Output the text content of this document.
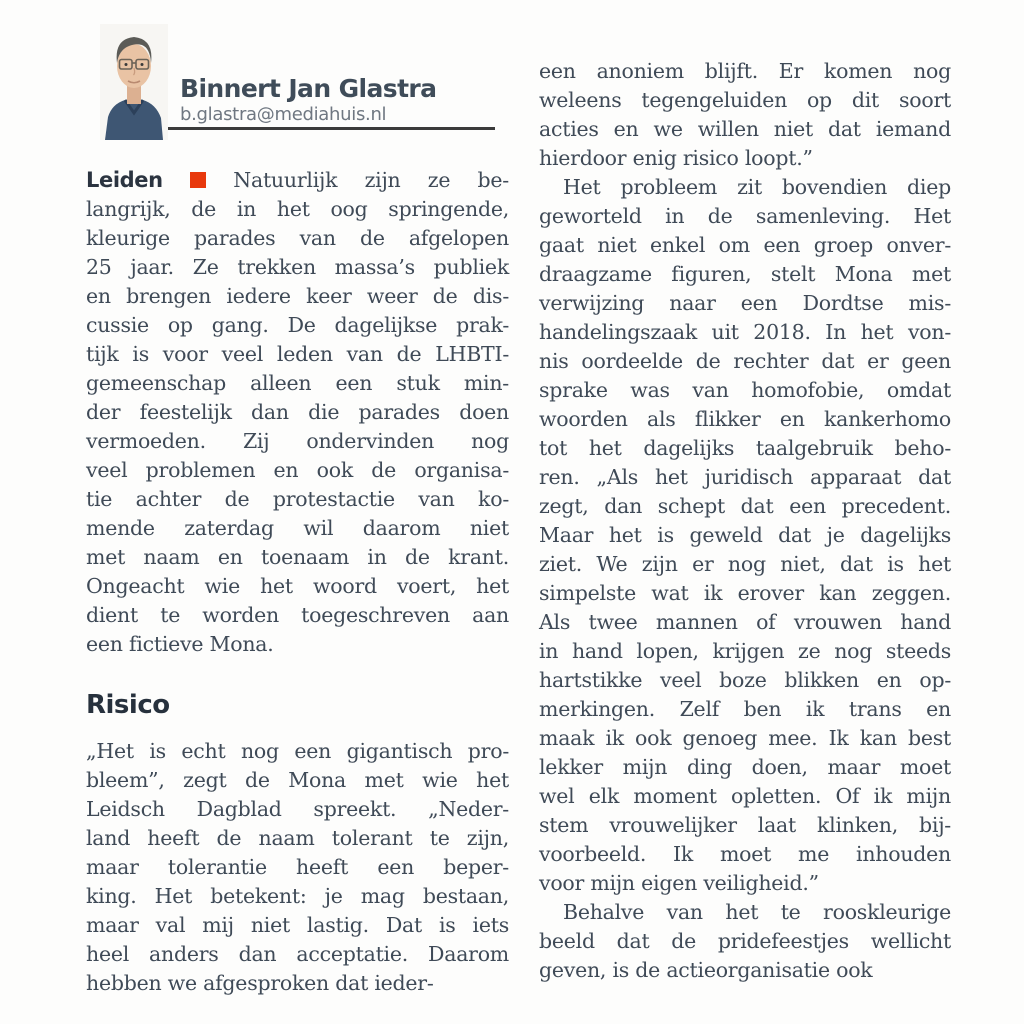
Binnert Jan Glastra
b.glastra@mediahuis.nl
Leiden	Natuurlijk zijn ze be-
langrijk, de in het oog springende,
kleurige parades van de afgelopen
25 jaar. Ze trekken massa’s publiek
en brengen iedere keer weer de dis-
cussie op gang. De dagelijkse prak-
tijk is voor veel leden van de LHBTI-
gemeenschap alleen een stuk min-
der feestelijk dan die parades doen
vermoeden. Zij ondervinden nog
veel problemen en ook de organisa-
tie achter de protestactie van ko-
mende zaterdag wil daarom niet
met naam en toenaam in de krant.
Ongeacht wie het woord voert, het
dient te worden toegeschreven aan
een fictieve Mona.
Risico
„Het is echt nog een gigantisch pro-
bleem”, zegt de Mona met wie het
Leidsch Dagblad spreekt. „Neder-
land heeft de naam tolerant te zijn,
maar tolerantie heeft een beper-
king. Het betekent: je mag bestaan,
maar val mij niet lastig. Dat is iets
heel anders dan acceptatie. Daarom
hebben we afgesproken dat ieder-
een anoniem blijft. Er komen nog
weleens tegengeluiden op dit soort
acties en we willen niet dat iemand
hierdoor enig risico loopt.”
Het probleem zit bovendien diep
geworteld in de samenleving. Het
gaat niet enkel om een groep onver-
draagzame figuren, stelt Mona met
verwijzing naar een Dordtse mis-
handelingszaak uit 2018. In het von-
nis oordeelde de rechter dat er geen
sprake was van homofobie, omdat
woorden als flikker en kankerhomo
tot het dagelijks taalgebruik beho-
ren. „Als het juridisch apparaat dat
zegt, dan schept dat een precedent.
Maar het is geweld dat je dagelijks
ziet. We zijn er nog niet, dat is het
simpelste wat ik erover kan zeggen.
Als twee mannen of vrouwen hand
in hand lopen, krijgen ze nog steeds
hartstikke veel boze blikken en op-
merkingen. Zelf ben ik trans en
maak ik ook genoeg mee. Ik kan best
lekker mijn ding doen, maar moet
wel elk moment opletten. Of ik mijn
stem vrouwelijker laat klinken, bij-
voorbeeld. Ik moet me inhouden
voor mijn eigen veiligheid.”
Behalve van het te rooskleurige
beeld dat de pridefeestjes wellicht
geven, is de actieorganisatie ook
